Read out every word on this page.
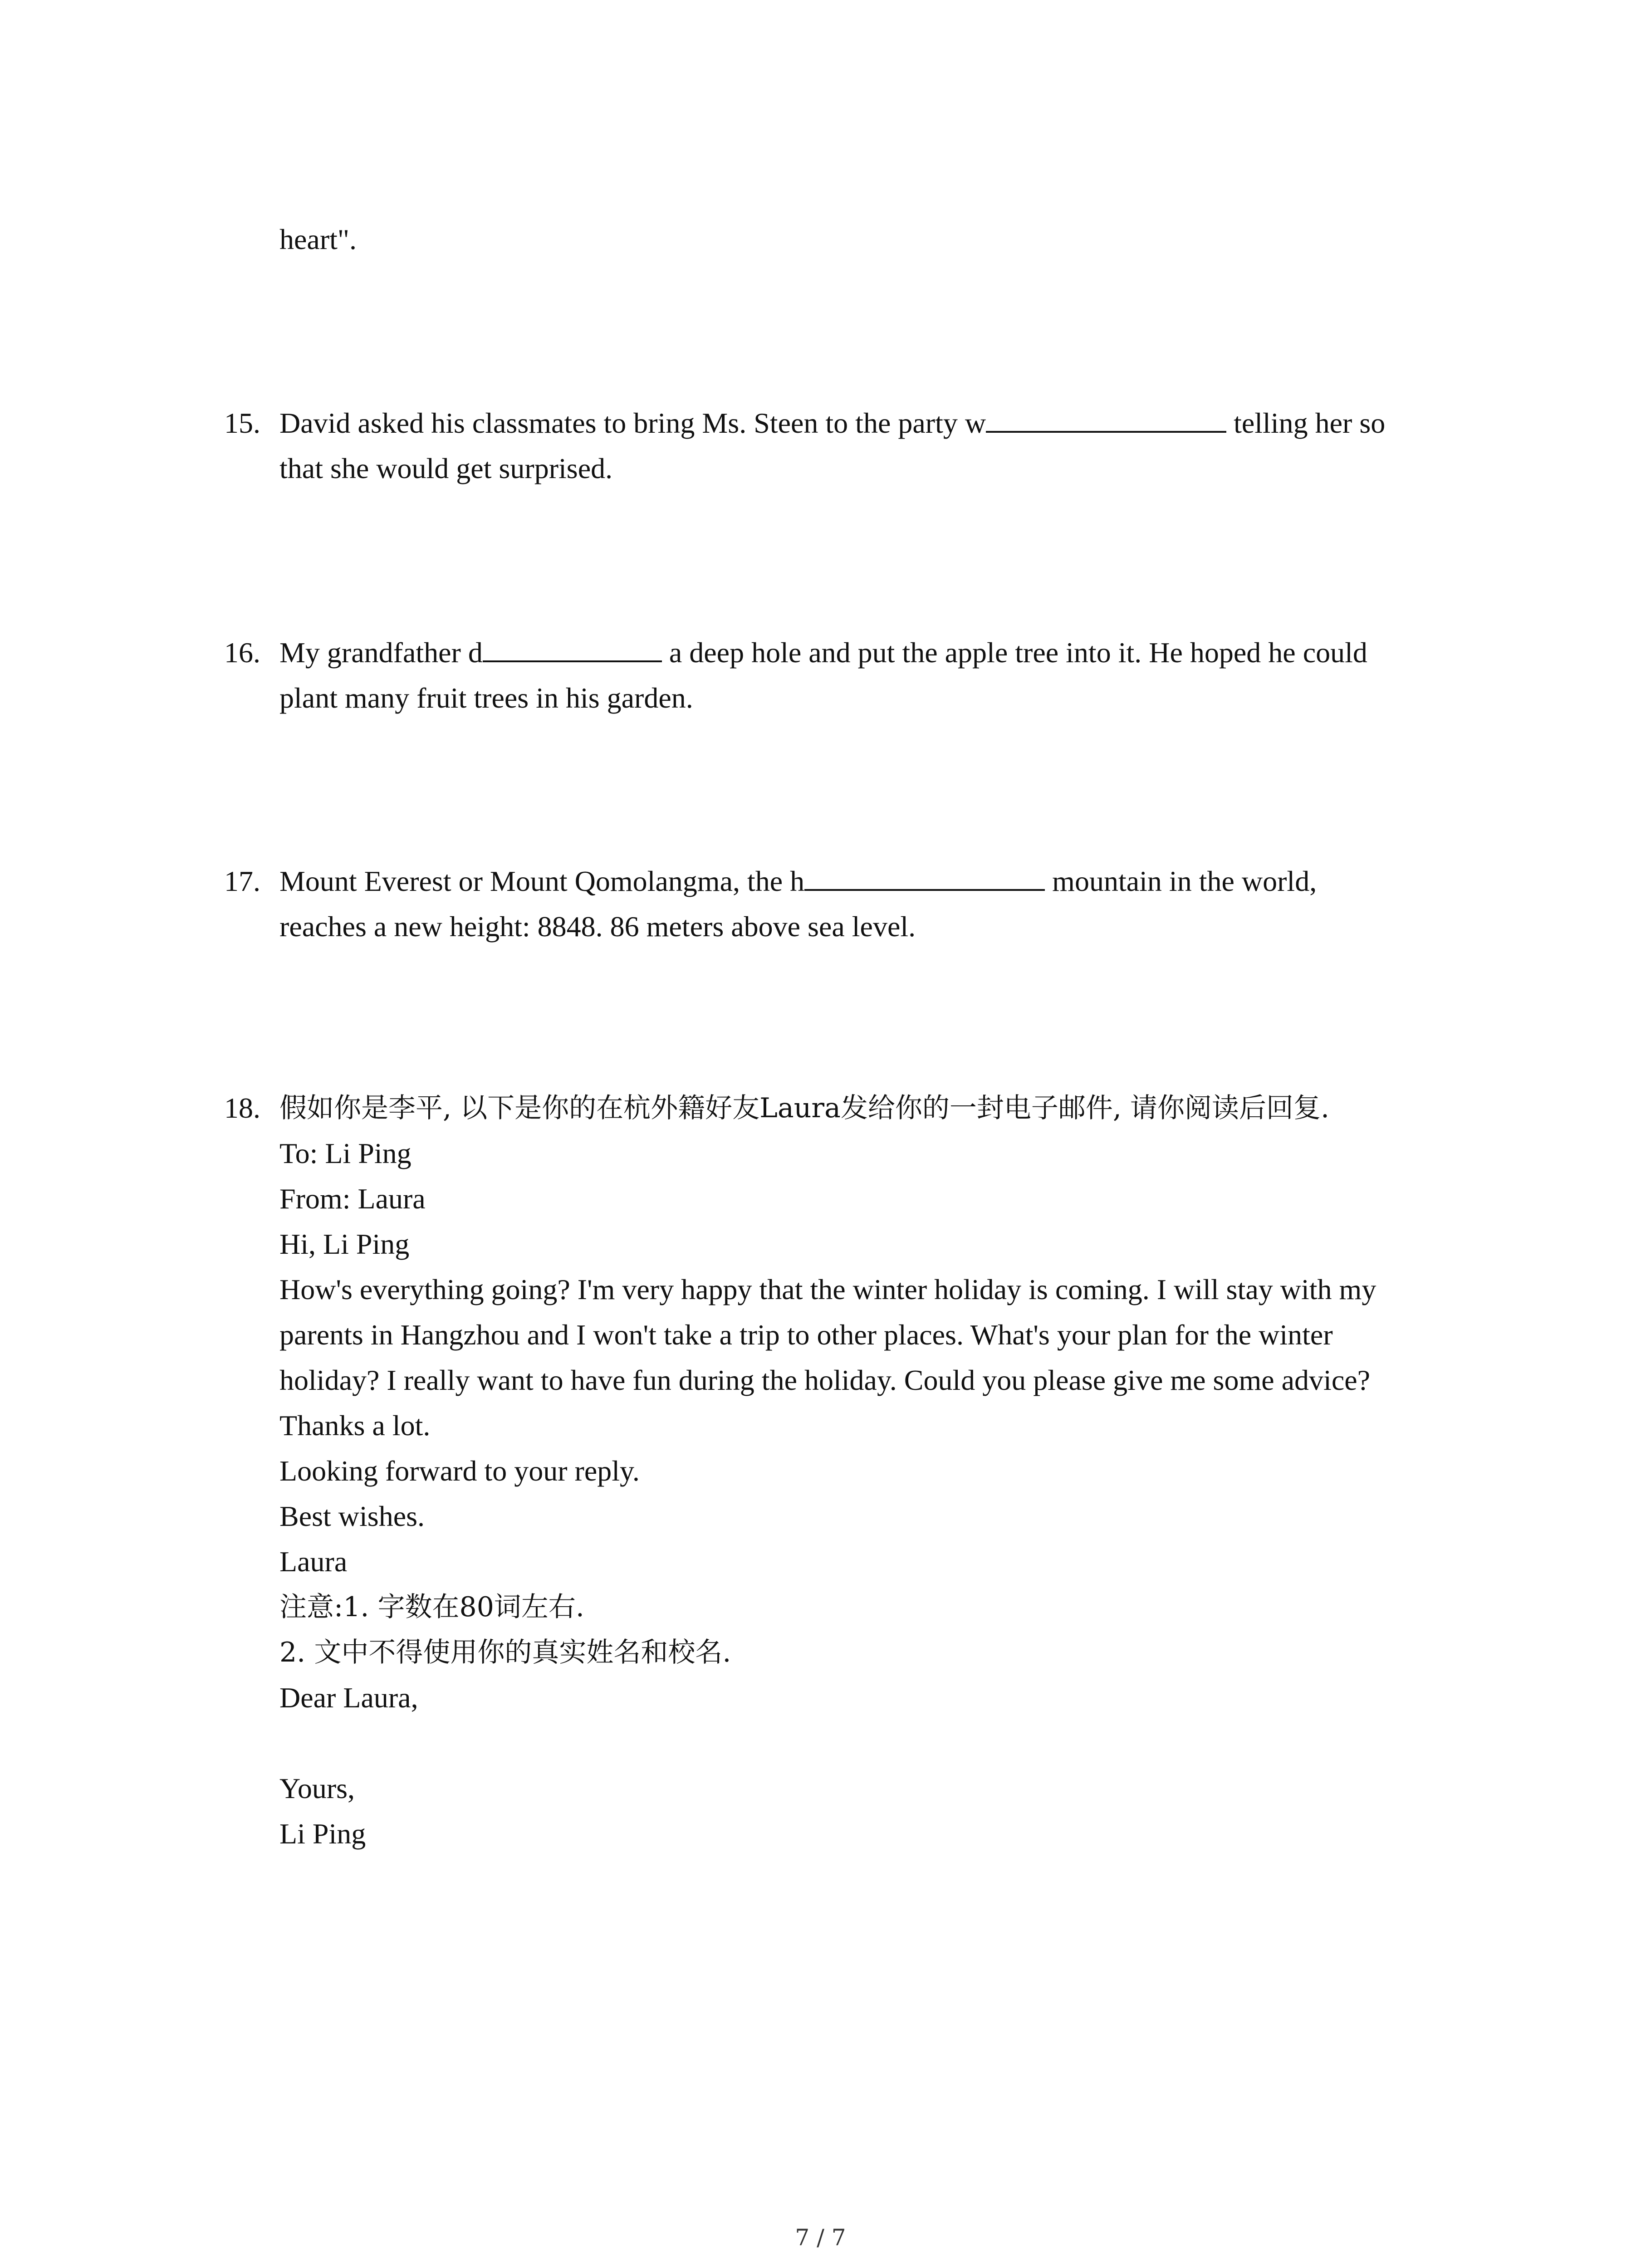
heart".
15. David asked his classmates to bring Ms. Steen to the party w	telling her so
that she would get surprised.
16. My grandfather d	a deep hole and put the apple tree into it. He hoped he could
plant many fruit trees in his garden.
17. Mount Everest or Mount Qomolangma, the h	mountain in the world,
reaches a new height: 8848. 86 meters above sea level.
18. 假如你是李平, 以下是你的在杭外籍好友Laura发给你的一封电子邮件, 请你阅读后回复.
To: Li Ping
From: Laura
Hi, Li Ping
How's everything going? I'm very happy that the winter holiday is coming. I will stay with my
parents in Hangzhou and I won't take a trip to other places. What's your plan for the winter
holiday? I really want to have fun during the holiday. Could you please give me some advice?
Thanks a lot.
Looking forward to your reply.
Best wishes.
Laura
注意:1. 字数在80词左右.
2. 文中不得使用你的真实姓名和校名.
Dear Laura,
Yours,
Li Ping
7 / 7
